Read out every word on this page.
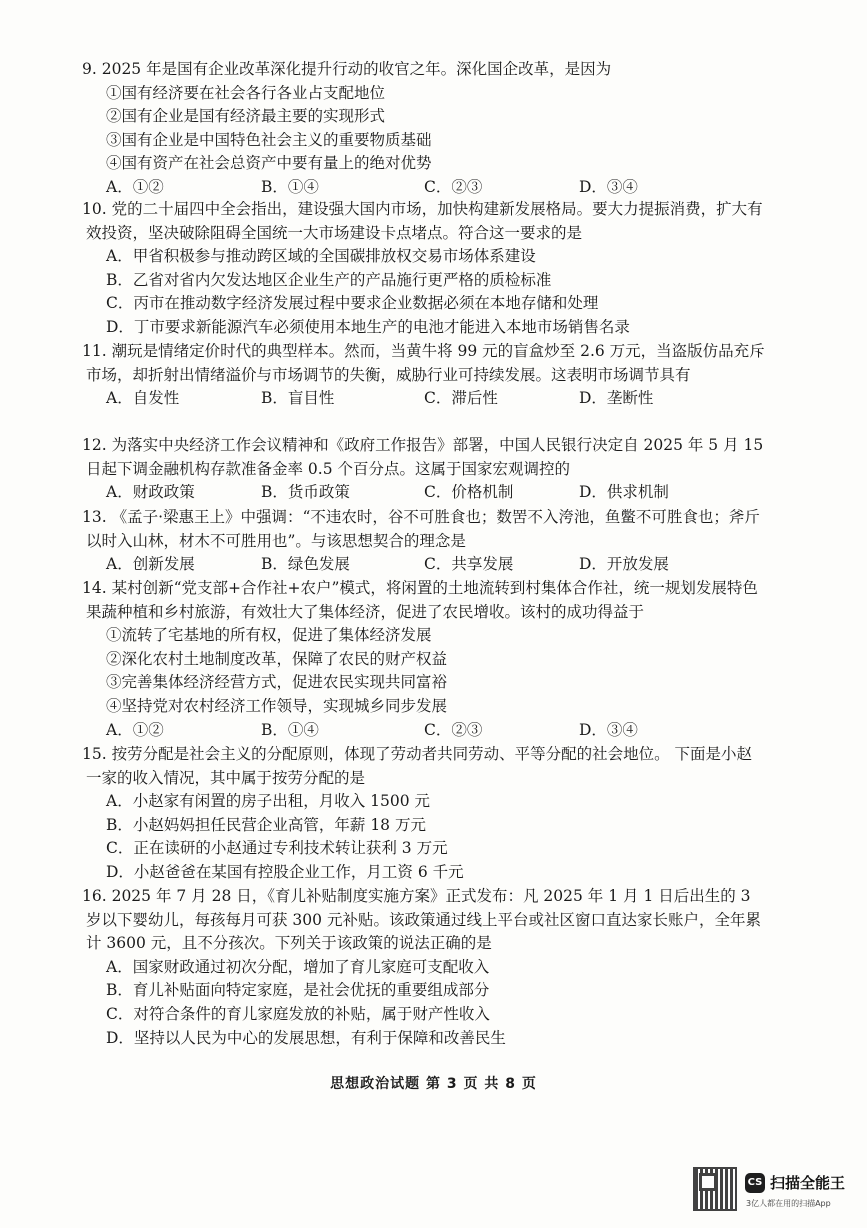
9. 2025 年是国有企业改革深化提升行动的收官之年。深化国企改革，是因为
①国有经济要在社会各行各业占支配地位
②国有企业是国有经济最主要的实现形式
③国有企业是中国特色社会主义的重要物质基础
④国有资产在社会总资产中要有量上的绝对优势
A．①②	B．①④	C．②③	D．③④
10. 党的二十届四中全会指出，建设强大国内市场，加快构建新发展格局。要大力提振消费，扩大有效投资，坚决破除阻碍全国统一大市场建设卡点堵点。符合这一要求的是
A．甲省积极参与推动跨区域的全国碳排放权交易市场体系建设
B．乙省对省内欠发达地区企业生产的产品施行更严格的质检标准
C．丙市在推动数字经济发展过程中要求企业数据必须在本地存储和处理
D．丁市要求新能源汽车必须使用本地生产的电池才能进入本地市场销售名录
11. 潮玩是情绪定价时代的典型样本。然而，当黄牛将 99 元的盲盒炒至 2.6 万元，当盗版仿品充斥市场，却折射出情绪溢价与市场调节的失衡，威胁行业可持续发展。这表明市场调节具有
A．自发性	B．盲目性	C．滞后性	D．垄断性
12. 为落实中央经济工作会议精神和《政府工作报告》部署，中国人民银行决定自 2025 年 5 月 15 日起下调金融机构存款准备金率 0.5 个百分点。这属于国家宏观调控的
A．财政政策	B．货币政策	C．价格机制	D．供求机制
13. 《孟子·梁惠王上》中强调：“不违农时，谷不可胜食也；数罟不入洿池，鱼鳖不可胜食也；斧斤以时入山林，材木不可胜用也”。与该思想契合的理念是
A．创新发展	B．绿色发展	C．共享发展	D．开放发展
14. 某村创新“党支部+合作社+农户”模式，将闲置的土地流转到村集体合作社，统一规划发展特色果蔬种植和乡村旅游，有效壮大了集体经济，促进了农民增收。该村的成功得益于
①流转了宅基地的所有权，促进了集体经济发展
②深化农村土地制度改革，保障了农民的财产权益
③完善集体经济经营方式，促进农民实现共同富裕
④坚持党对农村经济工作领导，实现城乡同步发展
A．①②	B．①④	C．②③	D．③④
15. 按劳分配是社会主义的分配原则，体现了劳动者共同劳动、平等分配的社会地位。 下面是小赵一家的收入情况，其中属于按劳分配的是
A．小赵家有闲置的房子出租，月收入 1500 元
B．小赵妈妈担任民营企业高管，年薪 18 万元
C．正在读研的小赵通过专利技术转让获利 3 万元
D．小赵爸爸在某国有控股企业工作，月工资 6 千元
16. 2025 年 7 月 28 日，《育儿补贴制度实施方案》正式发布：凡 2025 年 1 月 1 日后出生的 3 岁以下婴幼儿，每孩每月可获 300 元补贴。该政策通过线上平台或社区窗口直达家长账户，全年累计 3600 元，且不分孩次。下列关于该政策的说法正确的是
A．国家财政通过初次分配，增加了育儿家庭可支配收入
B．育儿补贴面向特定家庭，是社会优抚的重要组成部分
C．对符合条件的育儿家庭发放的补贴，属于财产性收入
D．坚持以人民为中心的发展思想，有利于保障和改善民生
思想政治试题 第 3 页 共 8 页
CS 扫描全能王
3亿人都在用的扫描App
